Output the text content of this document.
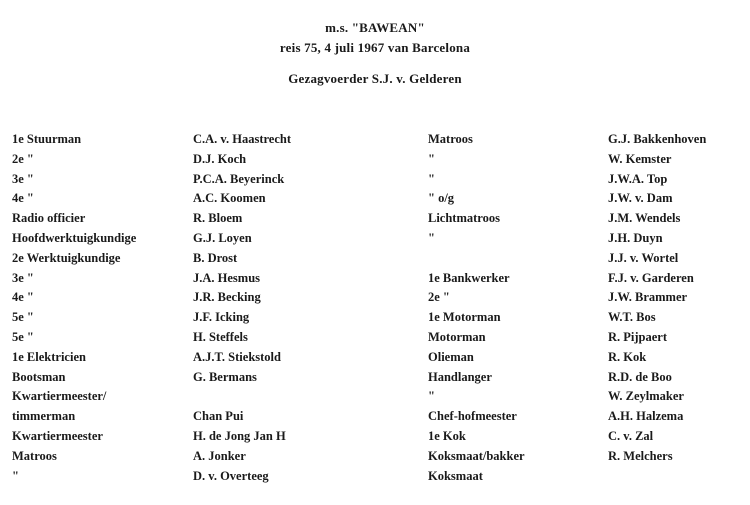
m.s. "BAWEAN"
reis 75, 4 juli 1967 van Barcelona
Gezagvoerder S.J. v. Gelderen
1e Stuurman
2e "
3e "
4e "
Radio officier
Hoofdwerktuigkundige
2e Werktuigkundige
3e "
4e "
5e "
5e "
1e Elektricien
Bootsman
Kwartiermeester/
timmerman
Kwartiermeester
Matroos
"
C.A. v. Haastrecht
D.J. Koch
P.C.A. Beyerinck
A.C. Koomen
R. Bloem
G.J. Loyen
B. Drost
J.A. Hesmus
J.R. Becking
J.F. Icking
H. Steffels
A.J.T. Stiekstold
G. Bermans
Chan Pui
H. de Jong Jan H
A. Jonker
D. v. Overteeg
Matroos
"
"
" o/g
Lichtmatroos
"
1e Bankwerker
2e "
1e Motorman
Motorman
Olieman
Handlanger
"
Chef-hofmeester
1e Kok
Koksmaat/bakker
Koksmaat
G.J. Bakkenhoven
W. Kemster
J.W.A. Top
J.W. v. Dam
J.M. Wendels
J.H. Duyn
J.J. v. Wortel
F.J. v. Garderen
J.W. Brammer
W.T. Bos
R. Pijpaert
R. Kok
R.D. de Boo
W. Zeylmaker
A.H. Halzema
C. v. Zal
R. Melchers
